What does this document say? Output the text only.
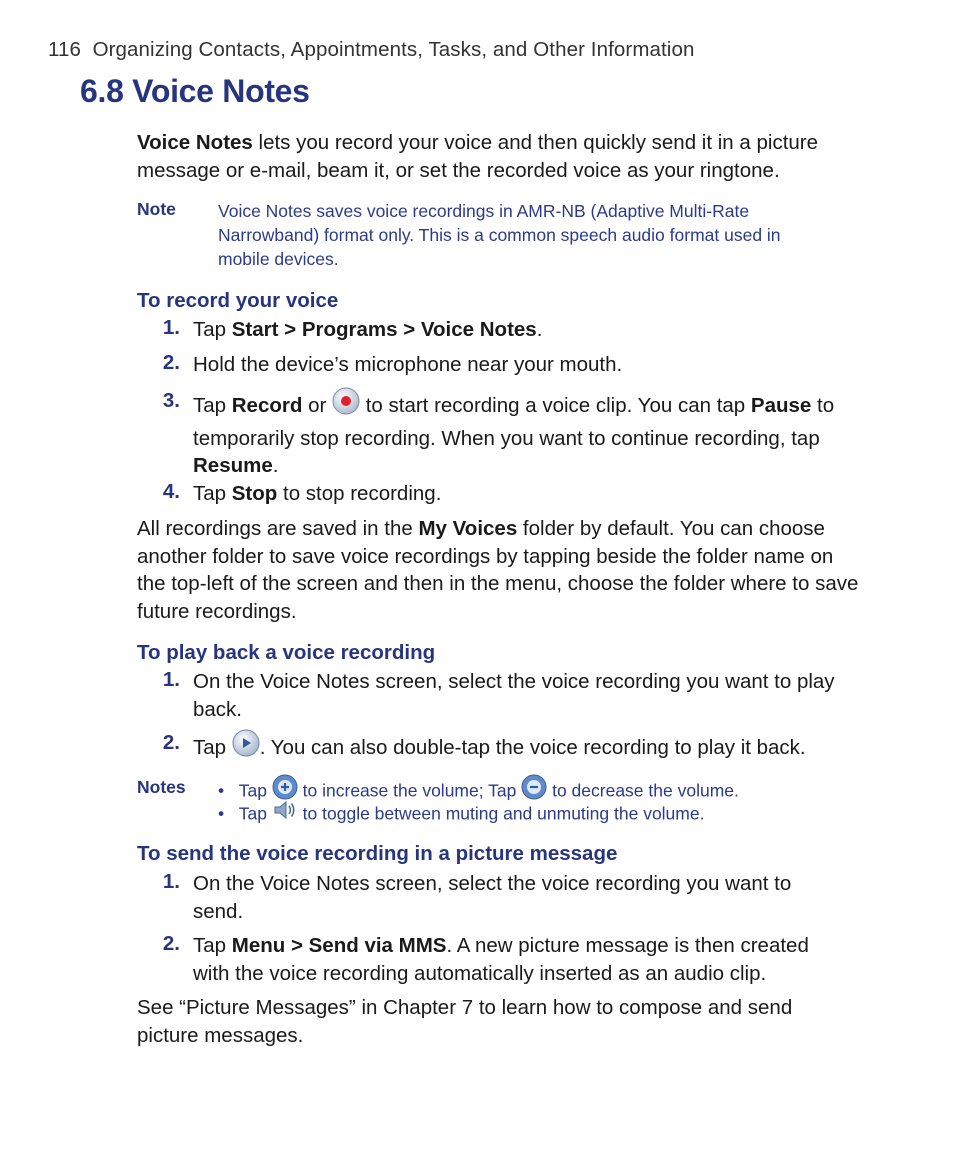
116 Organizing Contacts, Appointments, Tasks, and Other Information
6.8 Voice Notes
Voice Notes lets you record your voice and then quickly send it in a picture message or e-mail, beam it, or set the recorded voice as your ringtone.
Note Voice Notes saves voice recordings in AMR-NB (Adaptive Multi-Rate Narrowband) format only. This is a common speech audio format used in mobile devices.
To record your voice
1. Tap Start > Programs > Voice Notes.
2. Hold the device’s microphone near your mouth.
3. Tap Record or  to start recording a voice clip. You can tap Pause to temporarily stop recording. When you want to continue recording, tap Resume.
4. Tap Stop to stop recording.
All recordings are saved in the My Voices folder by default. You can choose another folder to save voice recordings by tapping beside the folder name on the top-left of the screen and then in the menu, choose the folder where to save future recordings.
To play back a voice recording
1. On the Voice Notes screen, select the voice recording you want to play back.
2. Tap . You can also double-tap the voice recording to play it back.
Notes • Tap  to increase the volume; Tap  to decrease the volume.
• Tap  to toggle between muting and unmuting the volume.
To send the voice recording in a picture message
1. On the Voice Notes screen, select the voice recording you want to send.
2. Tap Menu > Send via MMS. A new picture message is then created with the voice recording automatically inserted as an audio clip.
See “Picture Messages” in Chapter 7 to learn how to compose and send picture messages.
